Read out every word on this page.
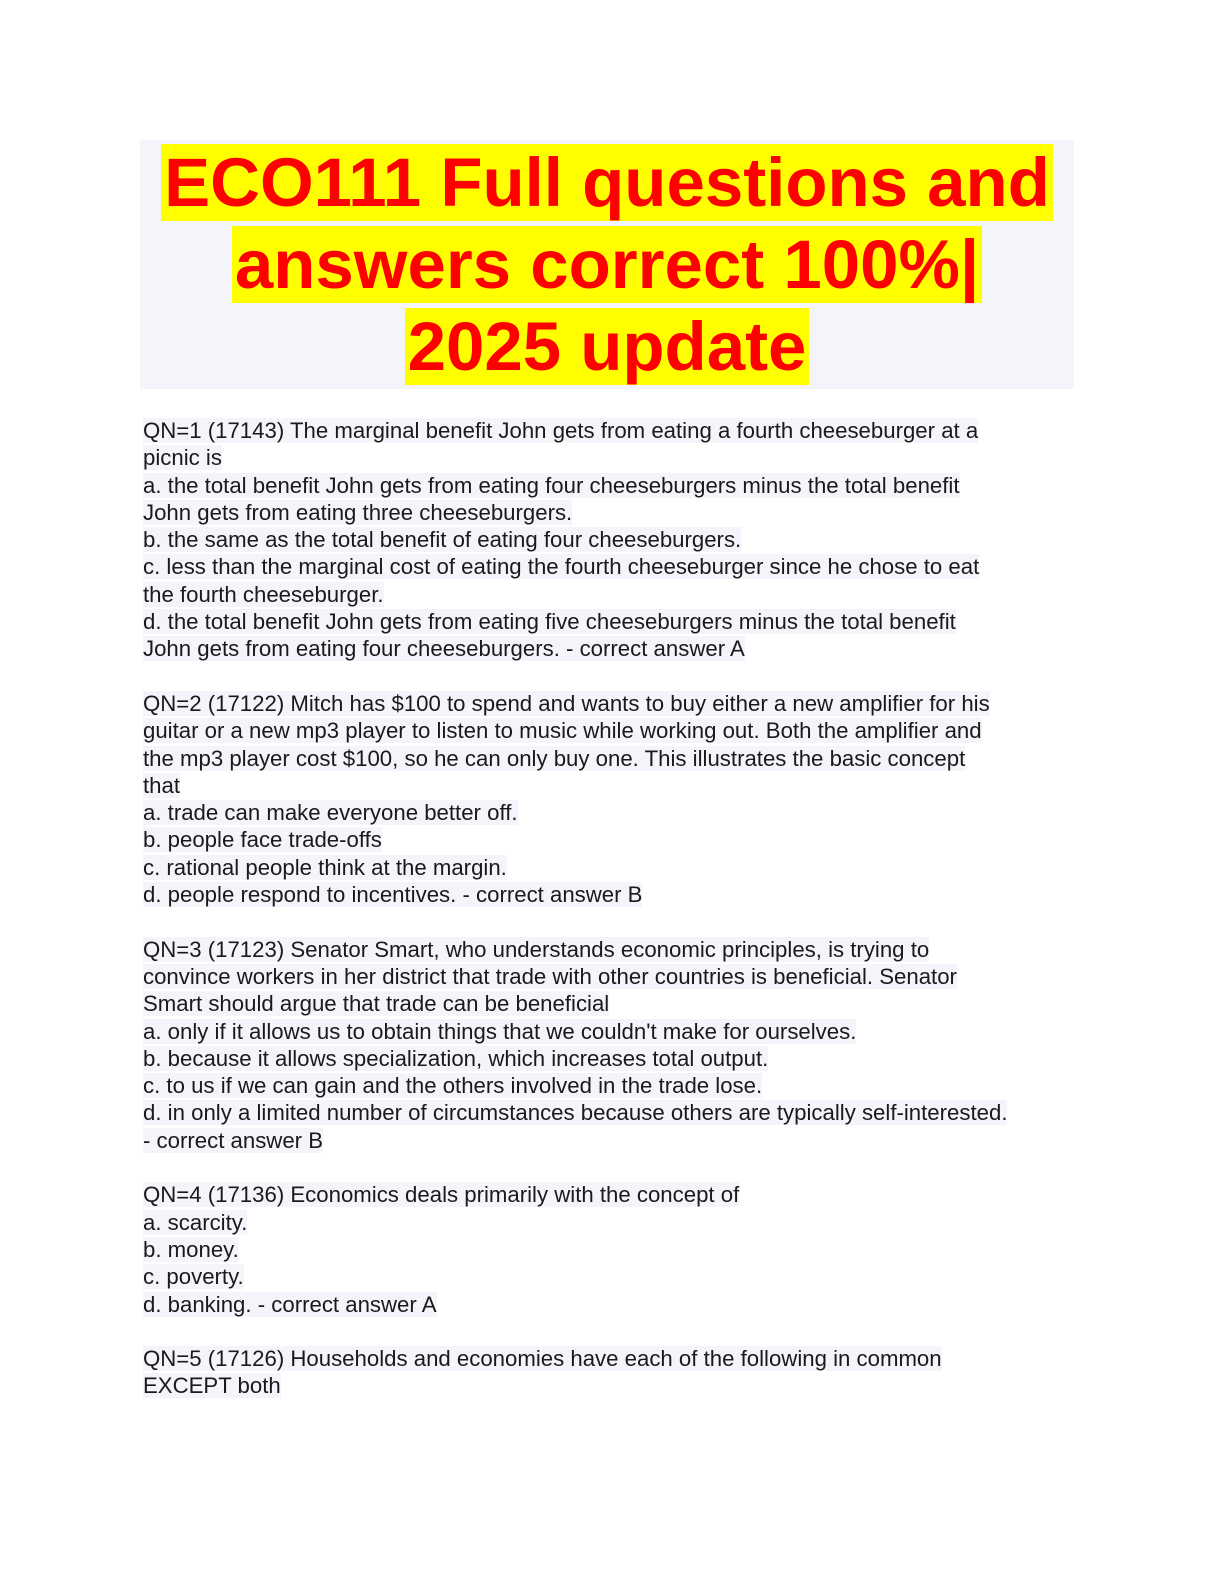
ECO111 Full questions and
answers correct 100%|
2025 update
QN=1 (17143) The marginal benefit John gets from eating a fourth cheeseburger at a
picnic is
a. the total benefit John gets from eating four cheeseburgers minus the total benefit
John gets from eating three cheeseburgers.
b. the same as the total benefit of eating four cheeseburgers.
c. less than the marginal cost of eating the fourth cheeseburger since he chose to eat
the fourth cheeseburger.
d. the total benefit John gets from eating five cheeseburgers minus the total benefit
John gets from eating four cheeseburgers. - correct answer A
QN=2 (17122) Mitch has $100 to spend and wants to buy either a new amplifier for his
guitar or a new mp3 player to listen to music while working out. Both the amplifier and
the mp3 player cost $100, so he can only buy one. This illustrates the basic concept
that
a. trade can make everyone better off.
b. people face trade-offs
c. rational people think at the margin.
d. people respond to incentives. - correct answer B
QN=3 (17123) Senator Smart, who understands economic principles, is trying to
convince workers in her district that trade with other countries is beneficial. Senator
Smart should argue that trade can be beneficial
a. only if it allows us to obtain things that we couldn't make for ourselves.
b. because it allows specialization, which increases total output.
c. to us if we can gain and the others involved in the trade lose.
d. in only a limited number of circumstances because others are typically self-interested.
- correct answer B
QN=4 (17136) Economics deals primarily with the concept of
a. scarcity.
b. money.
c. poverty.
d. banking. - correct answer A
QN=5 (17126) Households and economies have each of the following in common
EXCEPT both
